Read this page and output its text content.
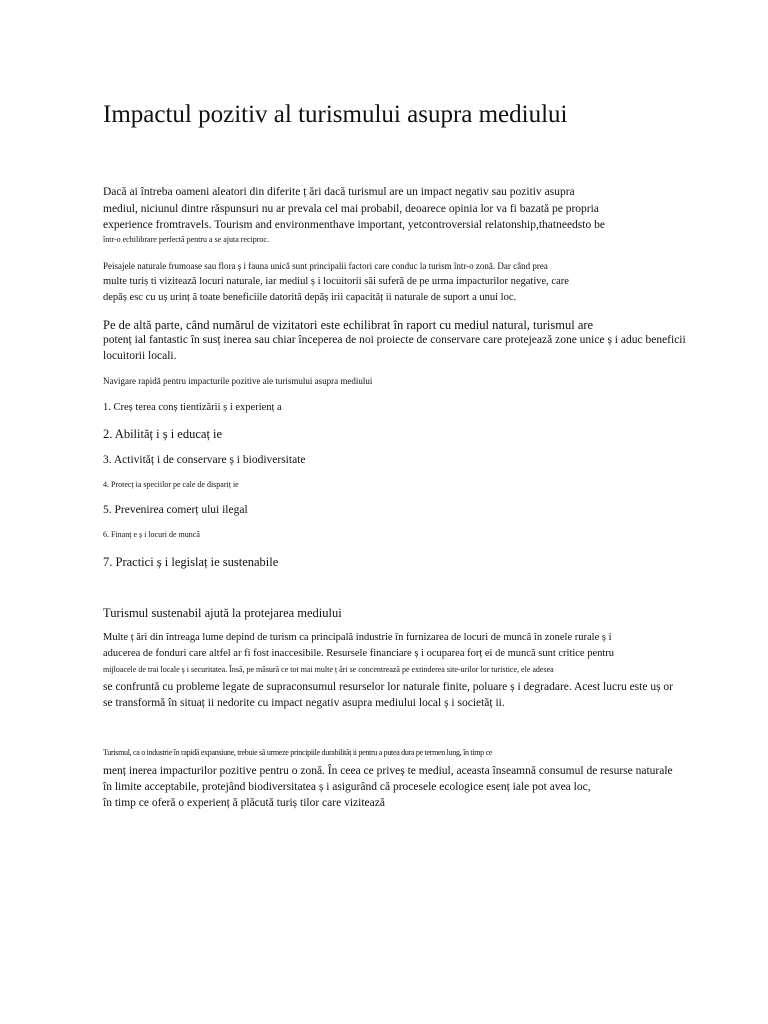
Impactul pozitiv al turismului asupra mediului
Dacă ai întreba oameni aleatori din diferite ț ări dacă turismul are un impact negativ sau pozitiv asupra
mediul, niciunul dintre răspunsuri nu ar prevala cel mai probabil, deoarece opinia lor va fi bazată pe propria
experience fromtravels. Tourism and environmenthave important, yetcontroversial relatonship,thatneedsto be
într-o echilibrare perfectă pentru a se ajuta reciproc.
Peisajele naturale frumoase sau flora ș i fauna unică sunt principalii factori care conduc la turism într-o zonă. Dar când prea
multe turiș ti vizitează locuri naturale, iar mediul ș i locuitorii săi suferă de pe urma impacturilor negative, care
depăș esc cu uș urinț ă toate beneficiile datorită depăș irii capacităț ii naturale de suport a unui loc.
Pe de altă parte, când numărul de vizitatori este echilibrat în raport cu mediul natural, turismul are
potenț ial fantastic în susț inerea sau chiar începerea de noi proiecte de conservare care protejează zone unice ș i aduc beneficii
locuitorii locali.
Navigare rapidă pentru impacturile pozitive ale turismului asupra mediului
1. Creș terea conș tientizării ș i experienț a
2. Abilităț i ș i educaț ie
3. Activităț i de conservare ș i biodiversitate
4. Protecț ia speciilor pe cale de dispariț ie
5. Prevenirea comerț ului ilegal
6. Finanț e ș i locuri de muncă
7. Practici ș i legislaț ie sustenabile
Turismul sustenabil ajută la protejarea mediului
Multe ț ări din întreaga lume depind de turism ca principală industrie în furnizarea de locuri de muncă în zonele rurale ș i
aducerea de fonduri care altfel ar fi fost inaccesibile. Resursele financiare ș i ocuparea forț ei de muncă sunt critice pentru
mijloacele de trai locale ș i securitatea. Însă, pe măsură ce tot mai multe ț ări se concentrează pe extinderea site-urilor lor turistice, ele adesea
se confruntă cu probleme legate de supraconsumul resurselor lor naturale finite, poluare ș i degradare. Acest lucru este uș or
se transformă în situaț ii nedorite cu impact negativ asupra mediului local ș i societăț ii.
Turismul, ca o industrie în rapidă expansiune, trebuie să urmeze principiile durabilităț ii pentru a putea dura pe termen lung, în timp ce
menț inerea impacturilor pozitive pentru o zonă. În ceea ce priveș te mediul, aceasta înseamnă consumul de resurse naturale
în limite acceptabile, protejând biodiversitatea ș i asigurând că procesele ecologice esenț iale pot avea loc,
în timp ce oferă o experienț ă plăcută turiș tilor care vizitează
